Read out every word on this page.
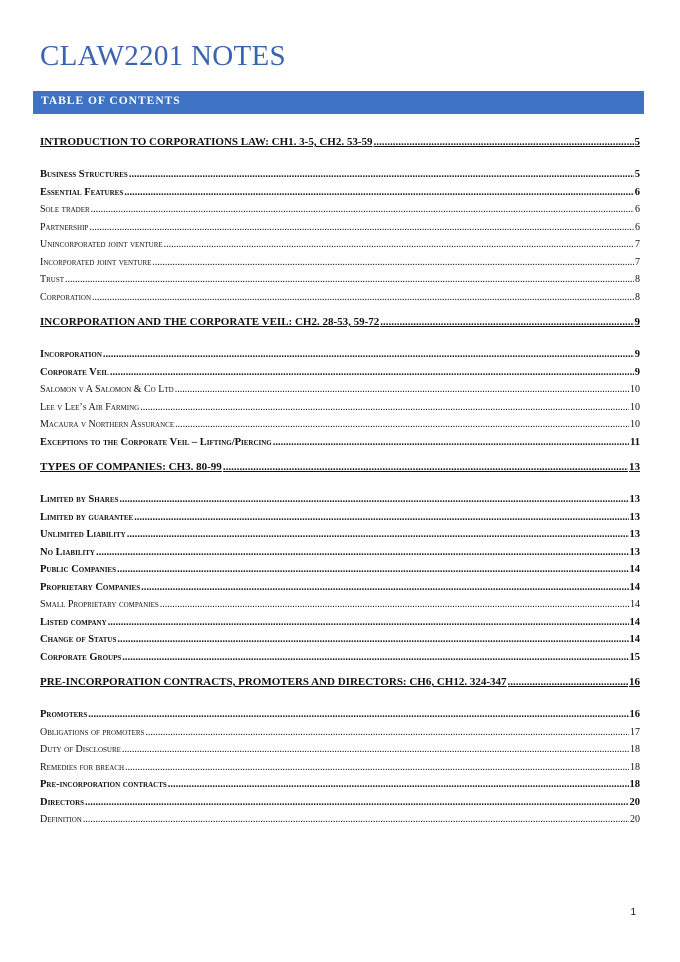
CLAW2201 NOTES
TABLE OF CONTENTS
INTRODUCTION TO CORPORATIONS LAW: CH1. 3-5, CH2. 53-59 .....	5
Business Structures .....	5
Essential Features .....	6
Sole trader .....	6
Partnership .....	6
Unincorporated joint venture .....	7
Incorporated joint venture .....	7
Trust .....	8
Corporation .....	8
INCORPORATION AND THE CORPORATE VEIL: CH2. 28-53, 59-72 .....	9
Incorporation .....	9
Corporate Veil .....	9
Salomon v A Salomon & Co Ltd .....	10
Lee v Lee’s Air Farming .....	10
Macaura v Northern Assurance .....	10
Exceptions to the Corporate Veil – Lifting/Piercing .....	11
TYPES OF COMPANIES: CH3. 80-99 .....	13
Limited by Shares .....	13
Limited by guarantee .....	13
Unlimited Liability .....	13
No Liability .....	13
Public Companies .....	14
Proprietary Companies .....	14
Small Proprietary companies .....	14
Listed company .....	14
Change of Status .....	14
Corporate Groups .....	15
PRE-INCORPORATION CONTRACTS, PROMOTERS AND DIRECTORS: CH6, CH12. 324-347 .....	16
Promoters .....	16
Obligations of promoters .....	17
Duty of Disclosure .....	18
Remedies for breach .....	18
Pre-incorporation contracts .....	18
Directors .....	20
Definition .....	20
1
